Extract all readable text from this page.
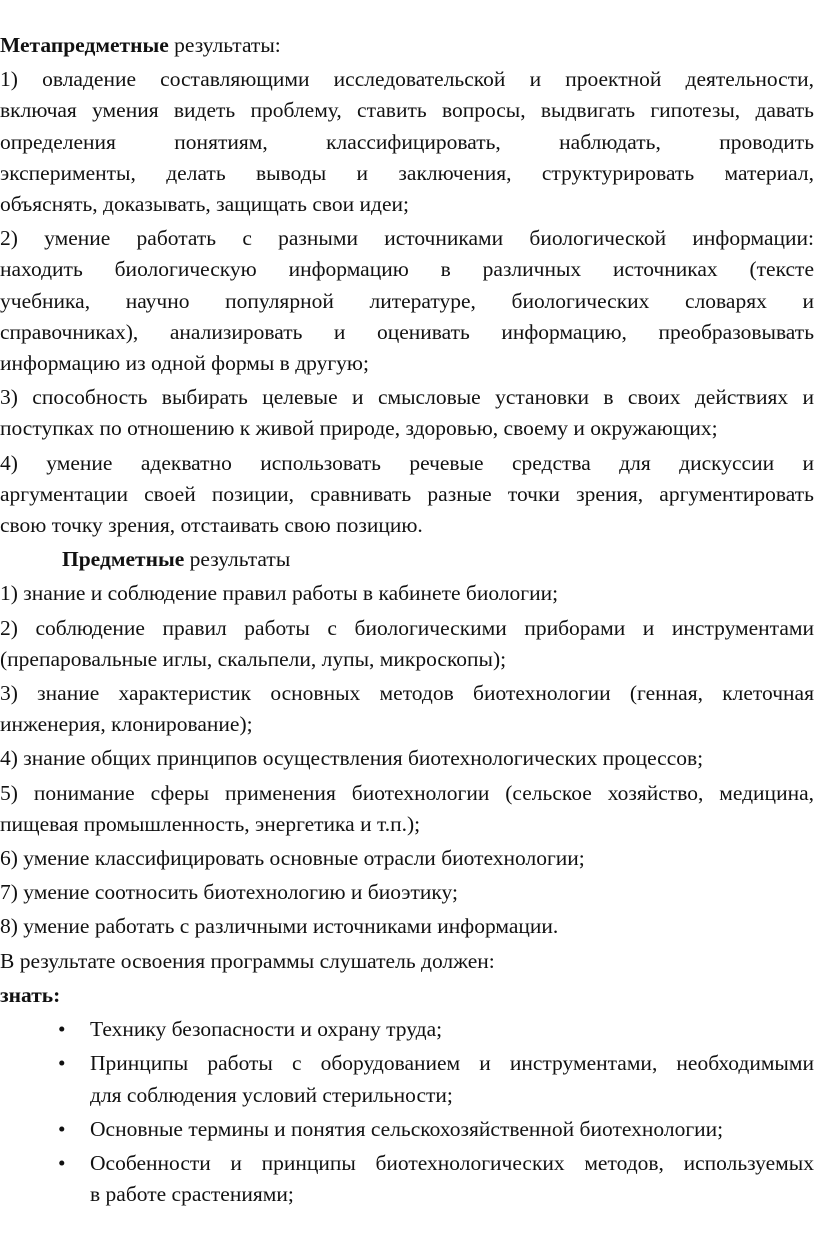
Метапредметные результаты:
1) овладение составляющими исследовательской и проектной деятельности,
включая умения видеть проблему, ставить вопросы, выдвигать гипотезы, давать
определения понятиям, классифицировать, наблюдать, проводить
эксперименты, делать выводы и заключения, структурировать материал,
объяснять, доказывать, защищать свои идеи;
2) умение работать с разными источниками биологической информации:
находить биологическую информацию в различных источниках (тексте
учебника, научно популярной литературе, биологических словарях и
справочниках), анализировать и оценивать информацию, преобразовывать
информацию из одной формы в другую;
3) способность выбирать целевые и смысловые установки в своих действиях и
поступках по отношению к живой природе, здоровью, своему и окружающих;
4) умение адекватно использовать речевые средства для дискуссии и
аргументации своей позиции, сравнивать разные точки зрения, аргументировать
свою точку зрения, отстаивать свою позицию.
Предметные результаты
1) знание и соблюдение правил работы в кабинете биологии;
2) соблюдение правил работы с биологическими приборами и инструментами
(препаровальные иглы, скальпели, лупы, микроскопы);
3) знание характеристик основных методов биотехнологии (генная, клеточная
инженерия, клонирование);
4) знание общих принципов осуществления биотехнологических процессов;
5) понимание сферы применения биотехнологии (сельское хозяйство, медицина,
пищевая промышленность, энергетика и т.п.);
6) умение классифицировать основные отрасли биотехнологии;
7) умение соотносить биотехнологию и биоэтику;
8) умение работать с различными источниками информации.
В результате освоения программы слушатель должен:
знать:
• Технику безопасности и охрану труда;
• Принципы работы с оборудованием и инструментами, необходимыми
для соблюдения условий стерильности;
• Основные термины и понятия сельскохозяйственной биотехнологии;
• Особенности и принципы биотехнологических методов, используемых
в работе срастениями;
